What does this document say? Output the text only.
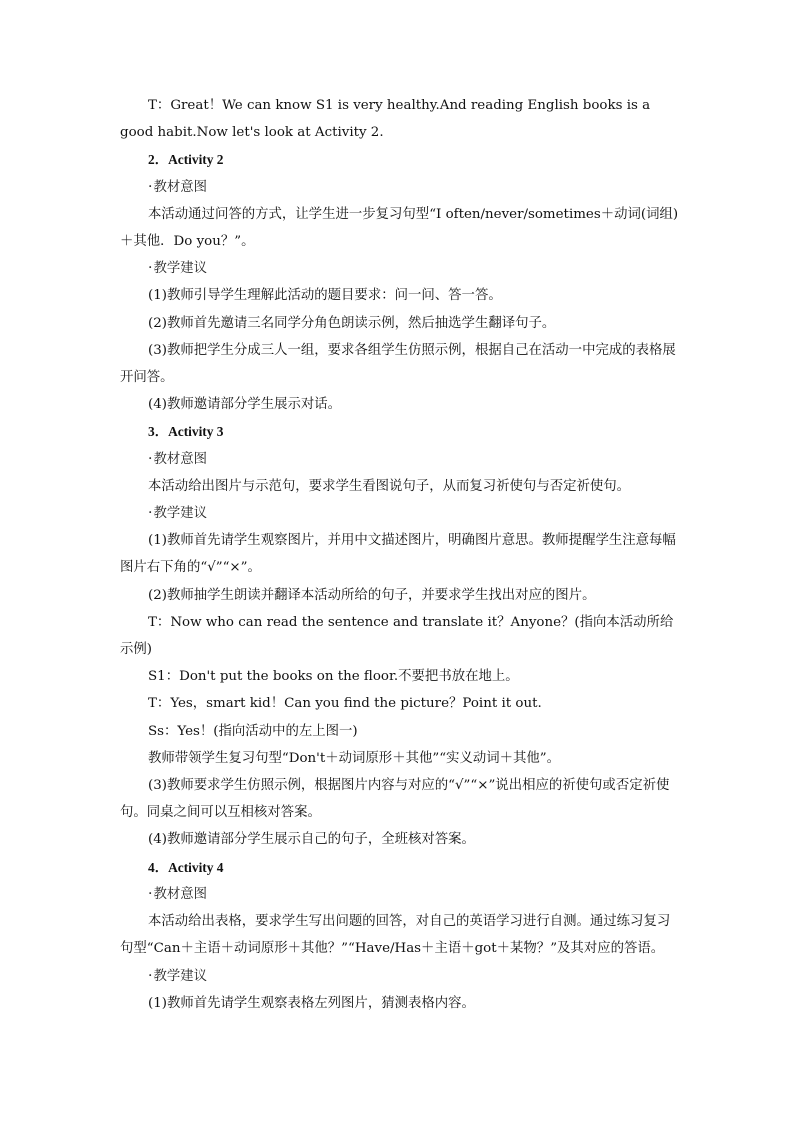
T：Great！We can know S1 is very healthy.And reading English books is a good habit.Now let's look at Activity 2.

2．Activity 2

· 教材意图

本活动通过问答的方式，让学生进一步复习句型“I often/never/sometimes＋动词(词组)＋其他．Do you？”。

· 教学建议

(1)教师引导学生理解此活动的题目要求：问一问、答一答。

(2)教师首先邀请三名同学分角色朗读示例，然后抽选学生翻译句子。

(3)教师把学生分成三人一组，要求各组学生仿照示例，根据自己在活动一中完成的表格展开问答。

(4)教师邀请部分学生展示对话。

3．Activity 3

· 教材意图

本活动给出图片与示范句，要求学生看图说句子，从而复习祈使句与否定祈使句。

· 教学建议

(1)教师首先请学生观察图片，并用中文描述图片，明确图片意思。教师提醒学生注意每幅图片右下角的“√”“×”。

(2)教师抽学生朗读并翻译本活动所给的句子，并要求学生找出对应的图片。

T：Now who can read the sentence and translate it？Anyone？(指向本活动所给示例)

S1：Don't put the books on the floor.不要把书放在地上。

T：Yes，smart kid！Can you find the picture？Point it out.

Ss：Yes！(指向活动中的左上图一)

教师带领学生复习句型“Don't＋动词原形＋其他”“实义动词＋其他”。

(3)教师要求学生仿照示例，根据图片内容与对应的“√”“×”说出相应的祈使句或否定祈使句。同桌之间可以互相核对答案。

(4)教师邀请部分学生展示自己的句子，全班核对答案。

4．Activity 4

· 教材意图

本活动给出表格，要求学生写出问题的回答，对自己的英语学习进行自测。通过练习复习句型“Can＋主语＋动词原形＋其他？”“Have/Has＋主语＋got＋某物？”及其对应的答语。

· 教学建议

(1)教师首先请学生观察表格左列图片，猜测表格内容。
